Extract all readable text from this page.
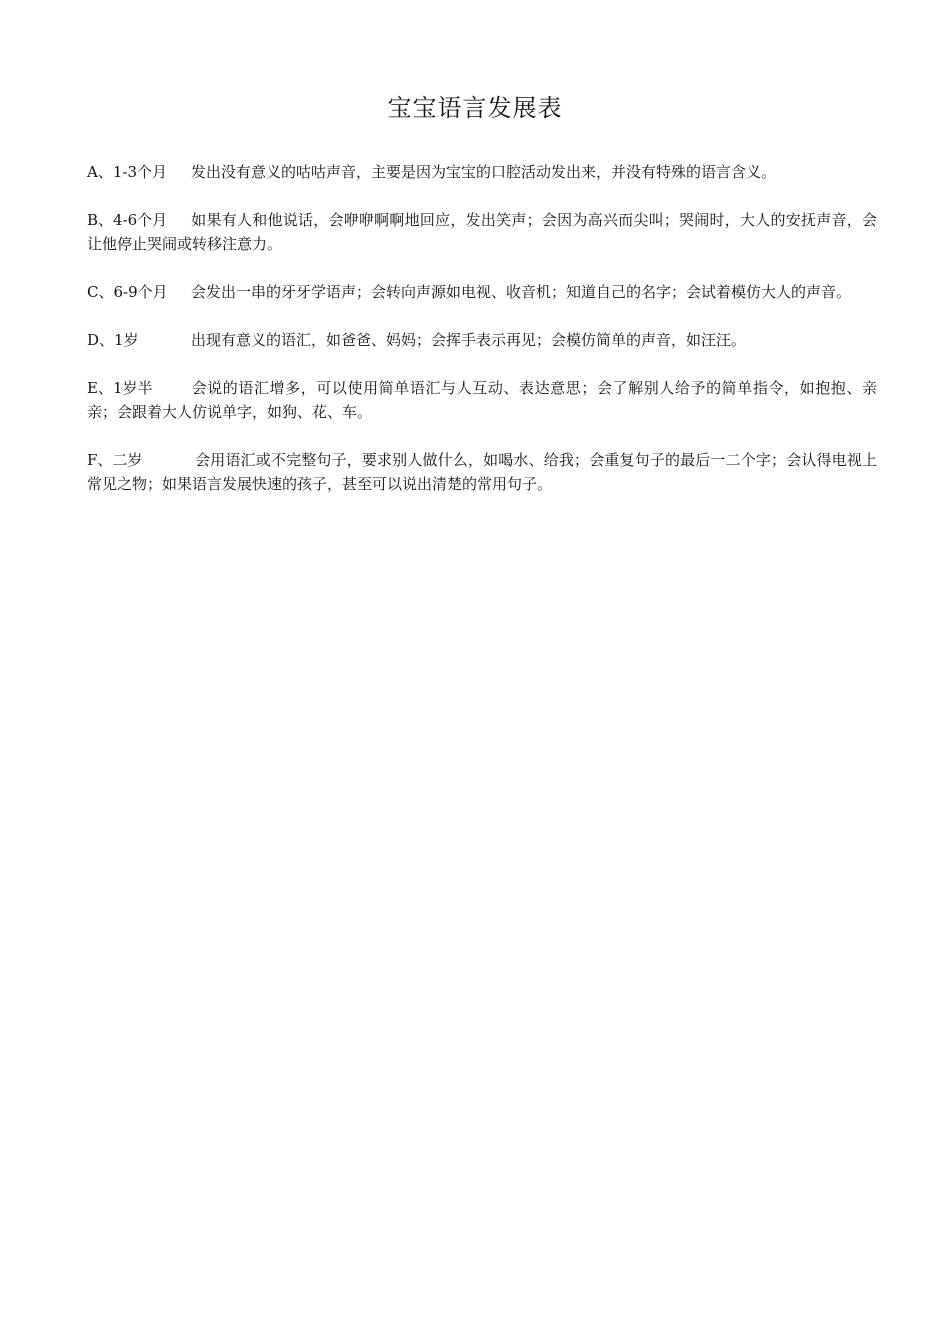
宝宝语言发展表

A、1-3个月 发出没有意义的咕咕声音，主要是因为宝宝的口腔活动发出来，并没有特殊的语言含义。

B、4-6个月 如果有人和他说话，会咿咿啊啊地回应，发出笑声；会因为高兴而尖叫；哭闹时，大人的安抚声音，会让他停止哭闹或转移注意力。

C、6-9个月 会发出一串的牙牙学语声；会转向声源如电视、收音机；知道自己的名字；会试着模仿大人的声音。

D、1岁	出现有意义的语汇，如爸爸、妈妈；会挥手表示再见；会模仿简单的声音，如汪汪。

E、1岁半	会说的语汇增多，可以使用简单语汇与人互动、表达意思；会了解别人给予的简单指令，如抱抱、亲亲；会跟着大人仿说单字，如狗、花、车。

F、二岁	会用语汇或不完整句子，要求别人做什么，如喝水、给我；会重复句子的最后一二个字；会认得电视上常见之物；如果语言发展快速的孩子，甚至可以说出清楚的常用句子。
